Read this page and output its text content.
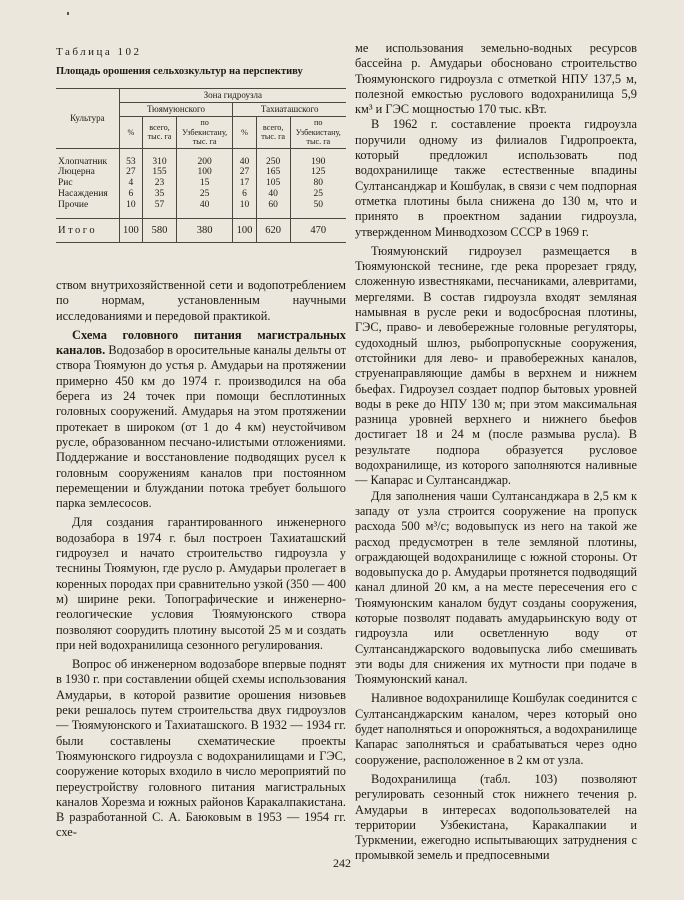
Таблица 102
Площадь орошения сельхозкультур на перспективу
Культура	Зона гидроузла					
	Тюямуюнского			Тахиаташского		
	%	всего, тыс. га	по Узбекистану, тыс. га	%	всего, тыс. га	по Узбекистану, тыс. га
Хлопчатник	53	310	200	40	250	190
Люцерна	27	155	100	27	165	125
Рис	4	23	15	17	105	80
Насаждения	6	35	25	6	40	25
Прочие	10	57	40	10	60	50
Итого	100	580	380	100	620	470

ством внутрихозяйственной сети и водопотреблением по нормам, установленным научными исследованиями и передовой практикой.

Схема головного питания магистральных каналов. Водозабор в оросительные каналы дельты от створа Тюямуюн до устья р. Амударьи на протяжении примерно 450 км до 1974 г. производился на оба берега из 24 точек при помощи бесплотинных головных сооружений. Амударья на этом протяжении протекает в широком (от 1 до 4 км) неустойчивом русле, образованном песчано-илистыми отложениями. Поддержание и восстановление подводящих русел к головным сооружениям каналов при постоянном перемещении и блуждании потока требует большого парка землесосов.

Для создания гарантированного инженерного водозабора в 1974 г. был построен Тахиаташский гидроузел и начато строительство гидроузла у теснины Тюямуюн, где русло р. Амударьи пролегает в коренных породах при сравнительно узкой (350 — 400 м) ширине реки. Топографические и инженерно-геологические условия Тюямуюнского створа позволяют соорудить плотину высотой 25 м и создать при ней водохранилища сезонного регулирования.

Вопрос об инженерном водозаборе впервые поднят в 1930 г. при составлении общей схемы использования Амударьи, в которой развитие орошения низовьев реки решалось путем строительства двух гидроузлов — Тюямуюнского и Тахиаташского. В 1932 — 1934 гг. были составлены схематические проекты Тюямуюнского гидроузла с водохранилищами и ГЭС, сооружение которых входило в число мероприятий по переустройству головного питания магистральных каналов Хорезма и южных районов Каракалпакистана. В разработанной С. А. Баюковым в 1953 — 1954 гг. схе-

ме использования земельно-водных ресурсов бассейна р. Амударьи обосновано строительство Тюямуюнского гидроузла с отметкой НПУ 137,5 м, полезной емкостью руслового водохранилища 5,9 км³ и ГЭС мощностью 170 тыс. кВт.

В 1962 г. составление проекта гидроузла поручили одному из филиалов Гидропроекта, который предложил использовать под водохранилище также естественные впадины Султансанджар и Кошбулак, в связи с чем подпорная отметка плотины была снижена до 130 м, что и принято в проектном задании гидроузла, утвержденном Минводхозом СССР в 1969 г.

Тюямуюнский гидроузел размещается в Тюямуюнской теснине, где река прорезает гряду, сложенную известняками, песчаниками, алевритами, мергелями. В состав гидроузла входят земляная намывная в русле реки и водосбросная плотины, ГЭС, право- и левобережные головные регуляторы, судоходный шлюз, рыбопропускные сооружения, отстойники для лево- и правобережных каналов, струенаправляющие дамбы в верхнем и нижнем бьефах. Гидроузел создает подпор бытовых уровней воды в реке до НПУ 130 м; при этом максимальная разница уровней верхнего и нижнего бьефов достигает 18 и 24 м (после размыва русла). В результате подпора образуется русловое водохранилище, из которого заполняются наливные — Капарас и Султансанджар.

Для заполнения чаши Султансанджара в 2,5 км к западу от узла строится сооружение на пропуск расхода 500 м³/с; водовыпуск из него на такой же расход предусмотрен в теле земляной плотины, ограждающей водохранилище с южной стороны. От водовыпуска до р. Амударьи протянется подводящий канал длиной 20 км, а на месте пересечения его с Тюямуюнским каналом будут созданы сооружения, которые позволят подавать амударьинскую воду от гидроузла или осветленную воду от Султансанджарского водовыпуска либо смешивать эти воды для снижения их мутности при подаче в Тюямуюнский канал.

Наливное водохранилище Кошбулак соединится с Султансанджарским каналом, через который оно будет наполняться и опорожняться, а водохранилище Капарас заполняться и срабатываться через одно сооружение, расположенное в 2 км от узла.

Водохранилища (табл. 103) позволяют регулировать сезонный сток нижнего течения р. Амударьи в интересах водопользователей на территории Узбекистана, Каракалпакии и Туркмении, ежегодно испытывающих затруднения с промывкой земель и предпосевными

242
